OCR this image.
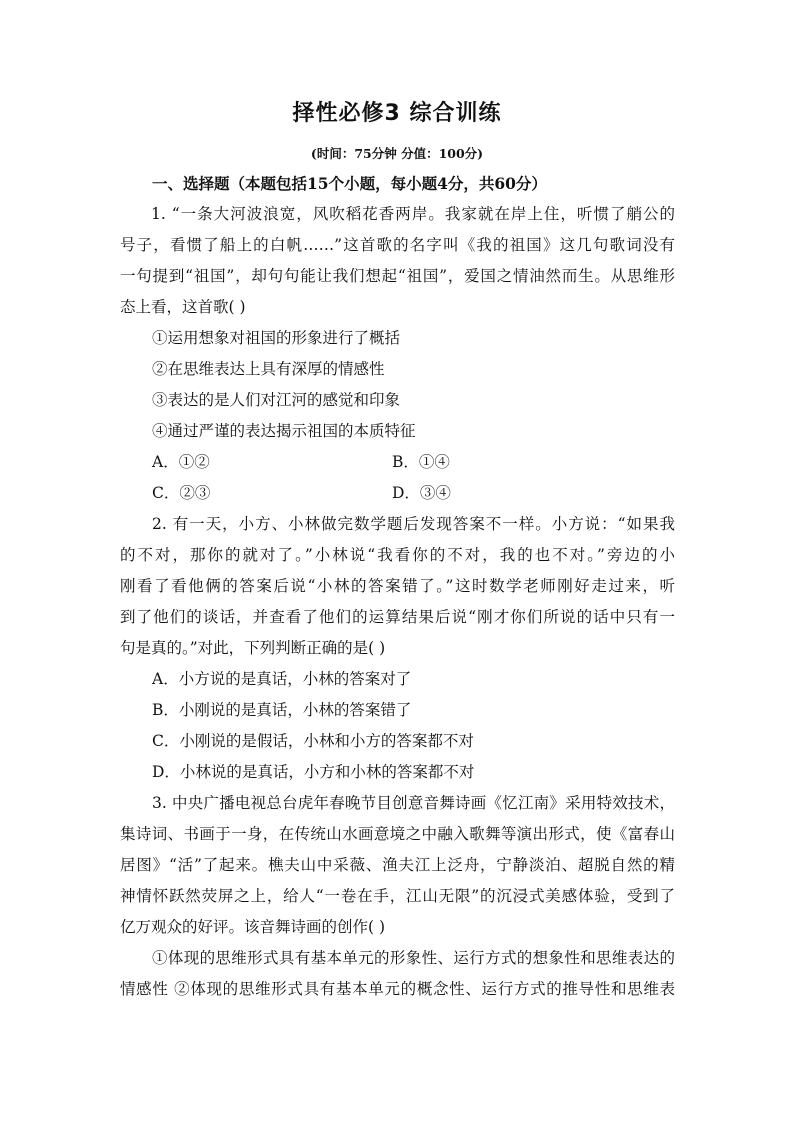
择性必修3 综合训练
(时间：75分钟 分值：100分)

一、选择题（本题包括15个小题，每小题4分，共60分）

1. “一条大河波浪宽，风吹稻花香两岸。我家就在岸上住，听惯了艄公的
号子，看惯了船上的白帆……”这首歌的名字叫《我的祖国》这几句歌词没有
一句提到“祖国”，却句句能让我们想起“祖国”，爱国之情油然而生。从思维形
态上看，这首歌( )

①运用想象对祖国的形象进行了概括

②在思维表达上具有深厚的情感性

③表达的是人们对江河的感觉和印象

④通过严谨的表达揭示祖国的本质特征

A．①②	B．①④
C．②③	D．③④

2. 有一天，小方、小林做完数学题后发现答案不一样。小方说：“如果我
的不对，那你的就对了。”小林说“我看你的不对，我的也不对。”旁边的小
刚看了看他俩的答案后说“小林的答案错了。”这时数学老师刚好走过来，听
到了他们的谈话，并查看了他们的运算结果后说“刚才你们所说的话中只有一
句是真的。”对此，下列判断正确的是( )

A．小方说的是真话，小林的答案对了

B．小刚说的是真话，小林的答案错了

C．小刚说的是假话，小林和小方的答案都不对

D．小林说的是真话，小方和小林的答案都不对

3. 中央广播电视总台虎年春晚节目创意音舞诗画《忆江南》采用特效技术，
集诗词、书画于一身，在传统山水画意境之中融入歌舞等演出形式，使《富春山
居图》“活”了起来。樵夫山中采薇、渔夫江上泛舟，宁静淡泊、超脱自然的精
神情怀跃然荧屏之上，给人“一卷在手，江山无限”的沉浸式美感体验，受到了
亿万观众的好评。该音舞诗画的创作( )

①体现的思维形式具有基本单元的形象性、运行方式的想象性和思维表达的
情感性 ②体现的思维形式具有基本单元的概念性、运行方式的推导性和思维表
